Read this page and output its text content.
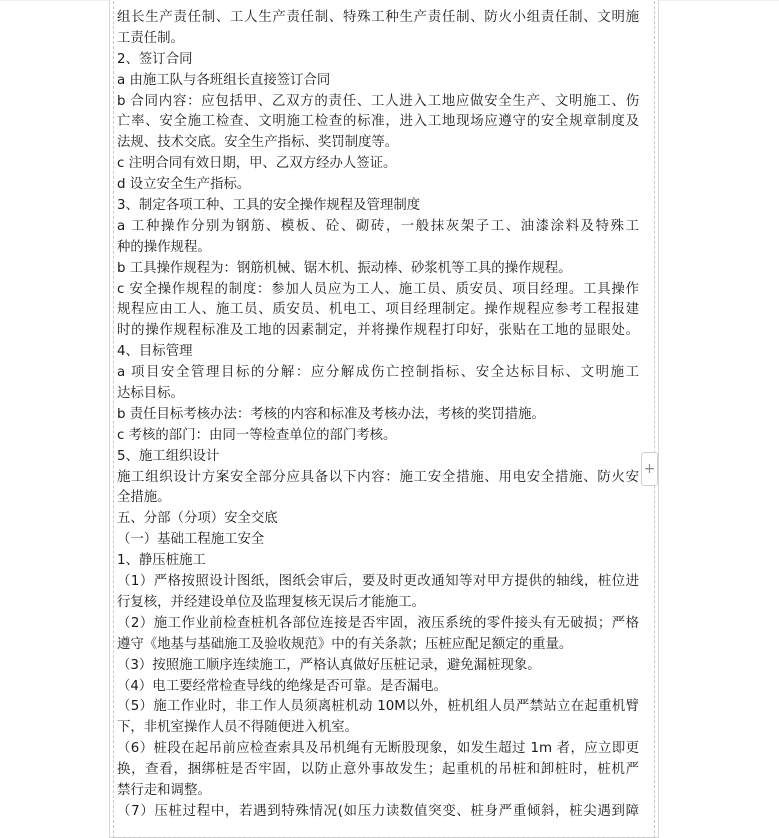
组长生产责任制、工人生产责任制、特殊工种生产责任制、防火小组责任制、文明施
工责任制。
2、签订合同
a 由施工队与各班组长直接签订合同
b 合同内容：应包括甲、乙双方的责任、工人进入工地应做安全生产、文明施工、伤
亡率、安全施工检查、文明施工检查的标准，进入工地现场应遵守的安全规章制度及
法规、技术交底。安全生产指标、奖罚制度等。
c 注明合同有效日期，甲、乙双方经办人签证。
d 设立安全生产指标。
3、制定各项工种、工具的安全操作规程及管理制度
a 工种操作分别为钢筋、模板、砼、砌砖，一般抹灰架子工、油漆涂料及特殊工
种的操作规程。
b 工具操作规程为：钢筋机械、锯木机、振动棒、砂浆机等工具的操作规程。
c 安全操作规程的制度：参加人员应为工人、施工员、质安员、项目经理。工具操作
规程应由工人、施工员、质安员、机电工、项目经理制定。操作规程应参考工程报建
时的操作规程标准及工地的因素制定，并将操作规程打印好，张贴在工地的显眼处。
4、目标管理
a 项目安全管理目标的分解：应分解成伤亡控制指标、安全达标目标、文明施工
达标目标。
b 责任目标考核办法：考核的内容和标准及考核办法，考核的奖罚措施。
c 考核的部门：由同一等检查单位的部门考核。
5、施工组织设计
施工组织设计方案安全部分应具备以下内容：施工安全措施、用电安全措施、防火安
全措施。
五、分部（分项）安全交底
（一）基础工程施工安全
1、静压桩施工
（1）严格按照设计图纸，图纸会审后，要及时更改通知等对甲方提供的轴线，桩位进
行复核，并经建设单位及监理复核无误后才能施工。
（2）施工作业前检查桩机各部位连接是否牢固，液压系统的零件接头有无破损；严格
遵守《地基与基础施工及验收规范》中的有关条款；压桩应配足额定的重量。
（3）按照施工顺序连续施工，严格认真做好压桩记录，避免漏桩现象。
（4）电工要经常检查导线的绝缘是否可靠。是否漏电。
（5）施工作业时，非工作人员须离桩机动 10M以外，桩机组人员严禁站立在起重机臂
下，非机室操作人员不得随便进入机室。
（6）桩段在起吊前应检查索具及吊机绳有无断股现象，如发生超过 1m 者，应立即更
换，查看，捆绑桩是否牢固，以防止意外事故发生；起重机的吊桩和卸桩时，桩机严
禁行走和调整。
（7）压桩过程中，若遇到特殊情况(如压力读数值突变、桩身严重倾斜，桩尖遇到障
+
